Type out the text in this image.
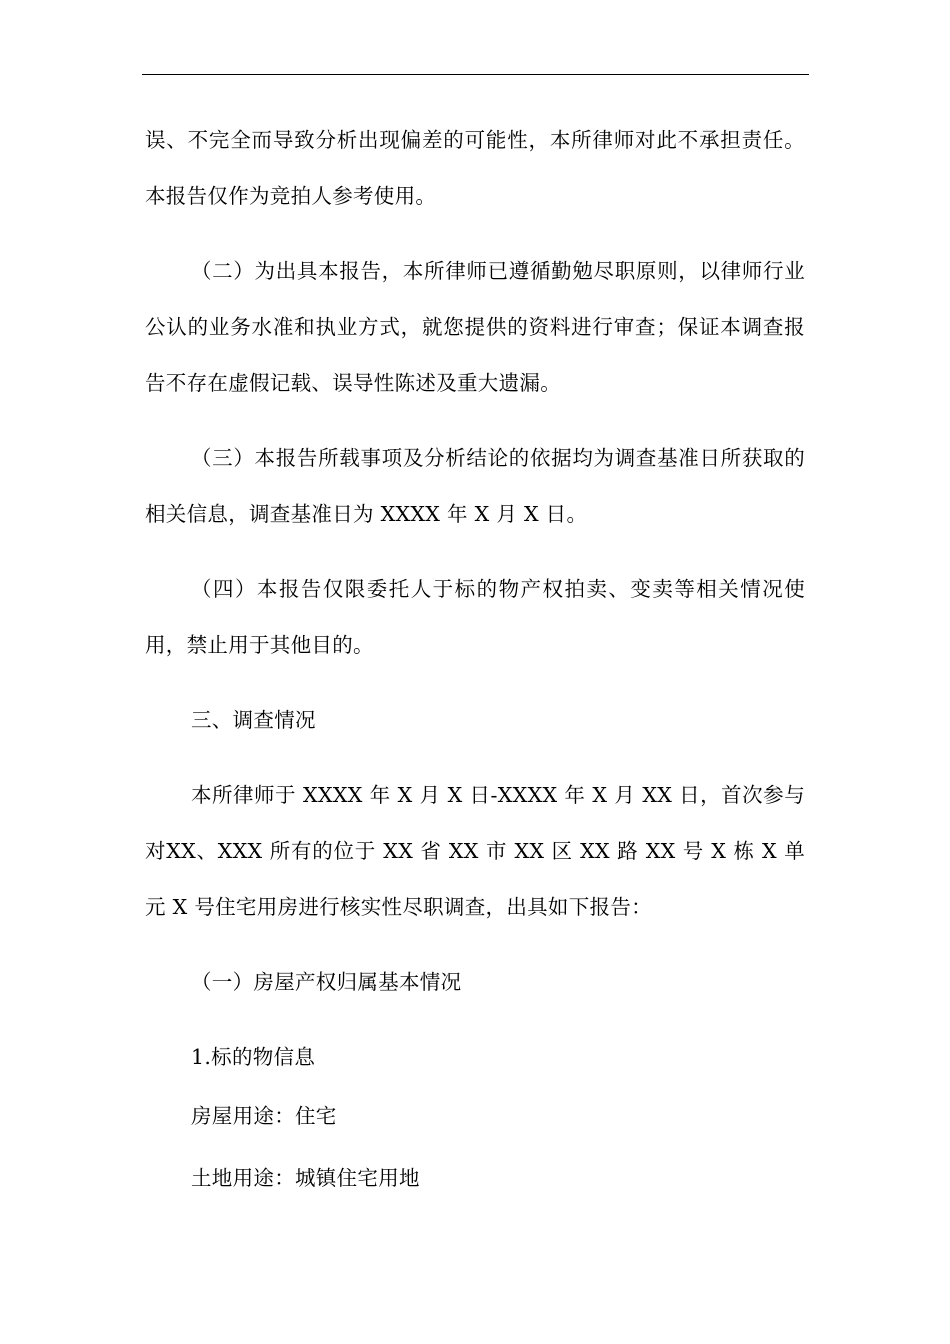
误、不完全而导致分析出现偏差的可能性，本所律师对此不承担责任。本报告仅作为竞拍人参考使用。

（二）为出具本报告，本所律师已遵循勤勉尽职原则，以律师行业公认的业务水准和执业方式，就您提供的资料进行审查；保证本调查报告不存在虚假记载、误导性陈述及重大遗漏。

（三）本报告所载事项及分析结论的依据均为调查基准日所获取的相关信息，调查基准日为 XXXX 年 X 月 X 日。

（四）本报告仅限委托人于标的物产权拍卖、变卖等相关情况使用，禁止用于其他目的。

三、调查情况

本所律师于 XXXX 年 X 月 X 日-XXXX 年 X 月 XX 日，首次参与对XX、XXX 所有的位于 XX 省 XX 市 XX 区 XX 路 XX 号 X 栋 X 单元 X 号住宅用房进行核实性尽职调查，出具如下报告：

（一）房屋产权归属基本情况

1.标的物信息

房屋用途：住宅

土地用途：城镇住宅用地
